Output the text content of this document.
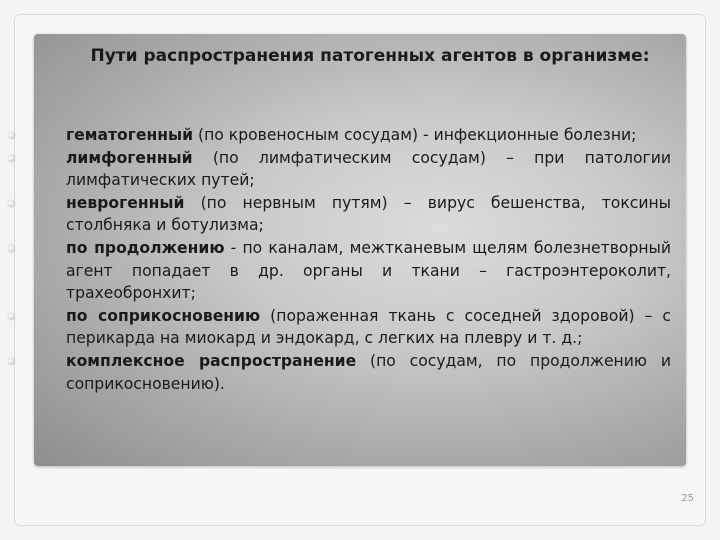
Пути распространения патогенных агентов в организме:
гематогенный (по кровеносным сосудам) - инфекционные болезни;
лимфогенный (по лимфатическим сосудам) – при патологии лимфатических путей;
неврогенный (по нервным путям) – вирус бешенства, токсины столбняка и ботулизма;
по продолжению - по каналам, межтканевым щелям болезнетворный агент попадает в др. органы и ткани – гастроэнтероколит, трахеобронхит;
по соприкосновению (пораженная ткань с соседней здоровой) – с перикарда на миокард и эндокард, с легких на плевру и т. д.;
комплексное распространение (по сосудам, по продолжению и соприкосновению).
25
